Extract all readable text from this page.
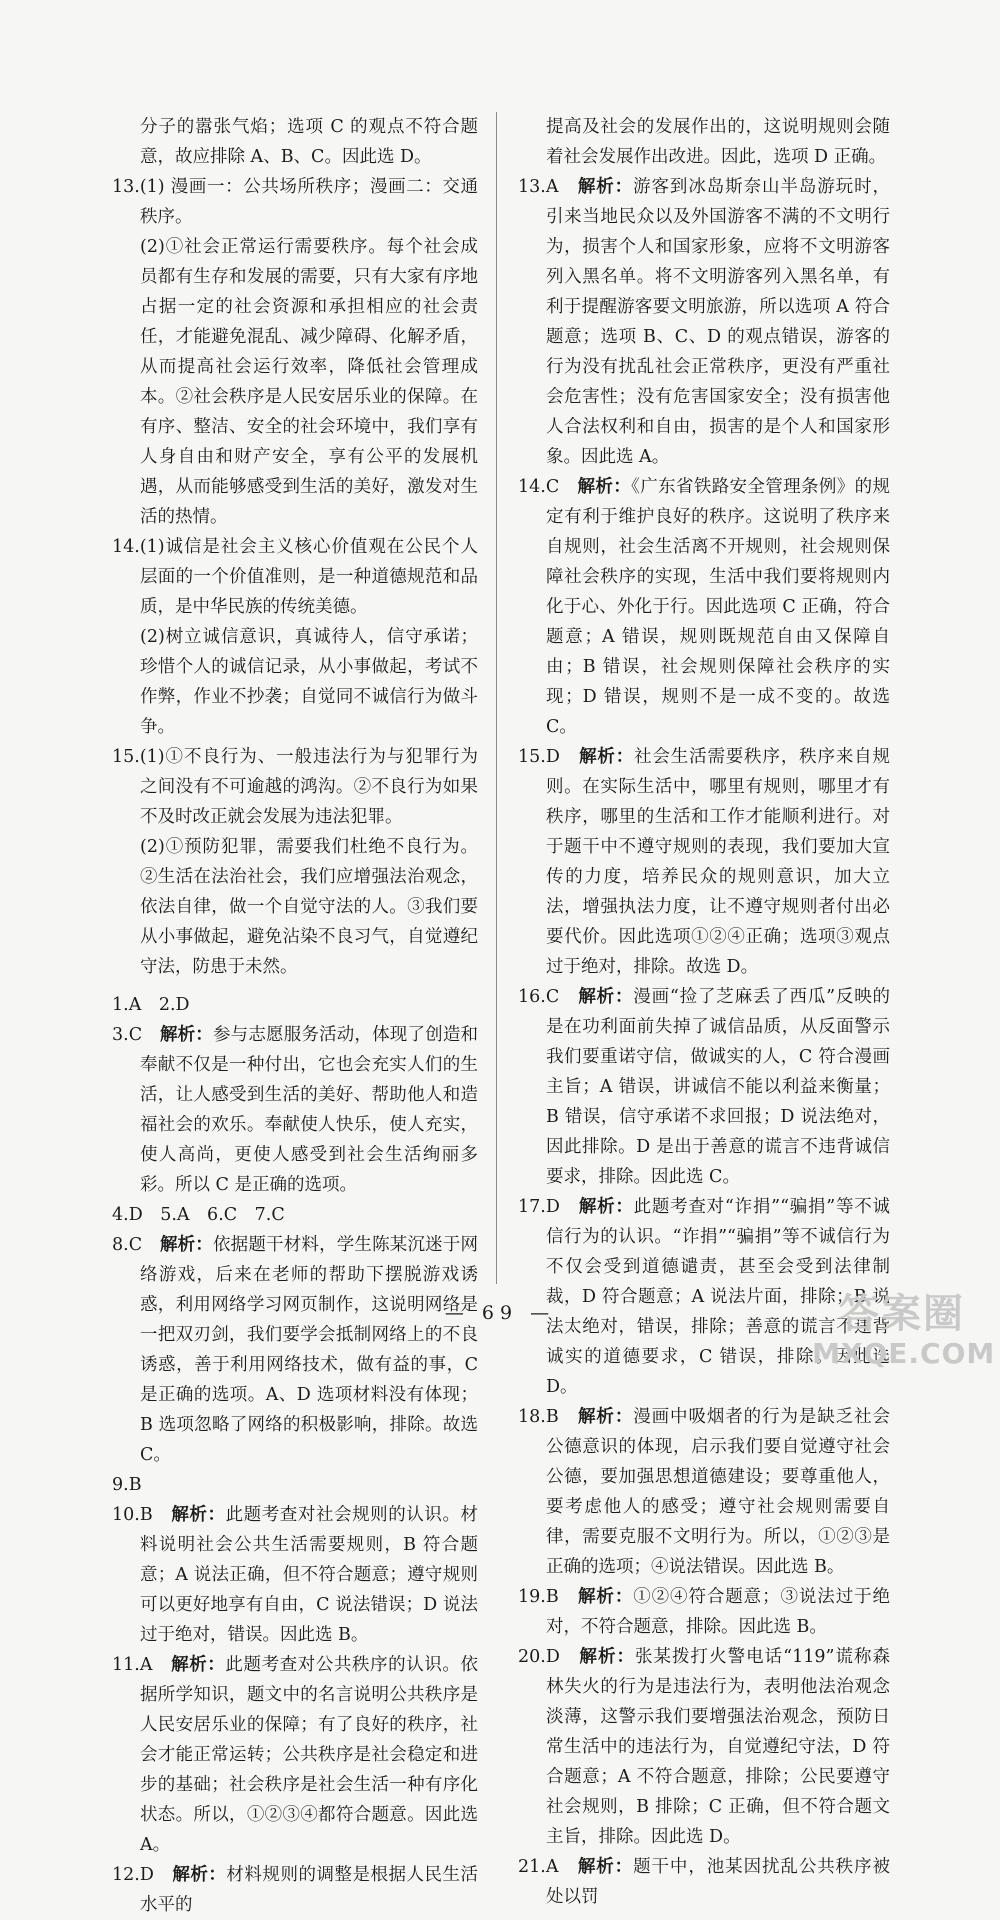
分子的嚣张气焰；选项 C 的观点不符合题意，故应排除 A、B、C。因此选 D。

13.(1) 漫画一：公共场所秩序；漫画二：交通秩序。

(2)①社会正常运行需要秩序。每个社会成员都有生存和发展的需要，只有大家有序地占据一定的社会资源和承担相应的社会责任，才能避免混乱、减少障碍、化解矛盾，从而提高社会运行效率，降低社会管理成本。②社会秩序是人民安居乐业的保障。在有序、整洁、安全的社会环境中，我们享有人身自由和财产安全，享有公平的发展机遇，从而能够感受到生活的美好，激发对生活的热情。

14.(1)诚信是社会主义核心价值观在公民个人层面的一个价值准则，是一种道德规范和品质，是中华民族的传统美德。

(2)树立诚信意识，真诚待人，信守承诺；珍惜个人的诚信记录，从小事做起，考试不作弊，作业不抄袭；自觉同不诚信行为做斗争。

15.(1)①不良行为、一般违法行为与犯罪行为之间没有不可逾越的鸿沟。②不良行为如果不及时改正就会发展为违法犯罪。

(2)①预防犯罪，需要我们杜绝不良行为。②生活在法治社会，我们应增强法治观念，依法自律，做一个自觉守法的人。③我们要从小事做起，避免沾染不良习气，自觉遵纪守法，防患于未然。

1.A　2.D

3.C　 解析：参与志愿服务活动，体现了创造和奉献不仅是一种付出，它也会充实人们的生活，让人感受到生活的美好、帮助他人和造福社会的欢乐。奉献使人快乐，使人充实，使人高尚，更使人感受到社会生活绚丽多彩。所以 C 是正确的选项。

4.D　5.A　6.C　7.C

8.C　 解析：依据题干材料，学生陈某沉迷于网络游戏，后来在老师的帮助下摆脱游戏诱惑，利用网络学习网页制作，这说明网络是一把双刃剑，我们要学会抵制网络上的不良诱惑，善于利用网络技术，做有益的事，C 是正确的选项。A、D 选项材料没有体现；B 选项忽略了网络的积极影响，排除。故选 C。

9.B

10.B　 解析：此题考查对社会规则的认识。材料说明社会公共生活需要规则，B 符合题意；A 说法正确，但不符合题意；遵守规则可以更好地享有自由，C 说法错误；D 说法过于绝对，错误。因此选 B。

11.A　 解析：此题考查对公共秩序的认识。依据所学知识，题文中的名言说明公共秩序是人民安居乐业的保障；有了良好的秩序，社会才能正常运转；公共秩序是社会稳定和进步的基础；社会秩序是社会生活一种有序化状态。所以，①②③④都符合题意。因此选 A。

12.D　 解析：材料规则的调整是根据人民生活水平的

提高及社会的发展作出的，这说明规则会随着社会发展作出改进。因此，选项 D 正确。

13.A　 解析：游客到冰岛斯奈山半岛游玩时，引来当地民众以及外国游客不满的不文明行为，损害个人和国家形象，应将不文明游客列入黑名单。将不文明游客列入黑名单，有利于提醒游客要文明旅游，所以选项 A 符合题意；选项 B、C、D 的观点错误，游客的行为没有扰乱社会正常秩序，更没有严重社会危害性；没有危害国家安全；没有损害他人合法权利和自由，损害的是个人和国家形象。因此选 A。

14.C　 解析：《广东省铁路安全管理条例》的规定有利于维护良好的秩序。这说明了秩序来自规则，社会生活离不开规则，社会规则保障社会秩序的实现，生活中我们要将规则内化于心、外化于行。因此选项 C 正确，符合题意；A 错误，规则既规范自由又保障自由；B 错误，社会规则保障社会秩序的实现；D 错误，规则不是一成不变的。故选 C。

15.D　 解析：社会生活需要秩序，秩序来自规则。在实际生活中，哪里有规则，哪里才有秩序，哪里的生活和工作才能顺利进行。对于题干中不遵守规则的表现，我们要加大宣传的力度，培养民众的规则意识，加大立法，增强执法力度，让不遵守规则者付出必要代价。因此选项①②④正确；选项③观点过于绝对，排除。故选 D。

16.C　 解析：漫画“捡了芝麻丢了西瓜”反映的是在功利面前失掉了诚信品质，从反面警示我们要重诺守信，做诚实的人，C 符合漫画主旨；A 错误，讲诚信不能以利益来衡量；B 错误，信守承诺不求回报；D 说法绝对，因此排除。D 是出于善意的谎言不违背诚信要求，排除。因此选 C。

17.D　 解析：此题考查对“诈捐”“骗捐”等不诚信行为的认识。“诈捐”“骗捐”等不诚信行为不仅会受到道德谴责，甚至会受到法律制裁，D 符合题意；A 说法片面，排除；B 说法太绝对，错误，排除；善意的谎言不违背诚实的道德要求，C 错误，排除。因此选 D。

18.B　 解析：漫画中吸烟者的行为是缺乏社会公德意识的体现，启示我们要自觉遵守社会公德，要加强思想道德建设；要尊重他人，要考虑他人的感受；遵守社会规则需要自律，需要克服不文明行为。所以，①②③是正确的选项；④说法错误。因此选 B。

19.B　 解析：①②④符合题意；③说法过于绝对，不符合题意，排除。因此选 B。

20.D　 解析：张某拨打火警电话“119”谎称森林失火的行为是违法行为，表明他法治观念淡薄，这警示我们要增强法治观念，预防日常生活中的违法行为，自觉遵纪守法，D 符合题意；A 不符合题意，排除；公民要遵守社会规则，B 排除；C 正确，但不符合题文主旨，排除。因此选 D。

21.A　 解析：题干中，池某因扰乱公共秩序被处以罚

— 69 —	答案圈
MXQE.COM
